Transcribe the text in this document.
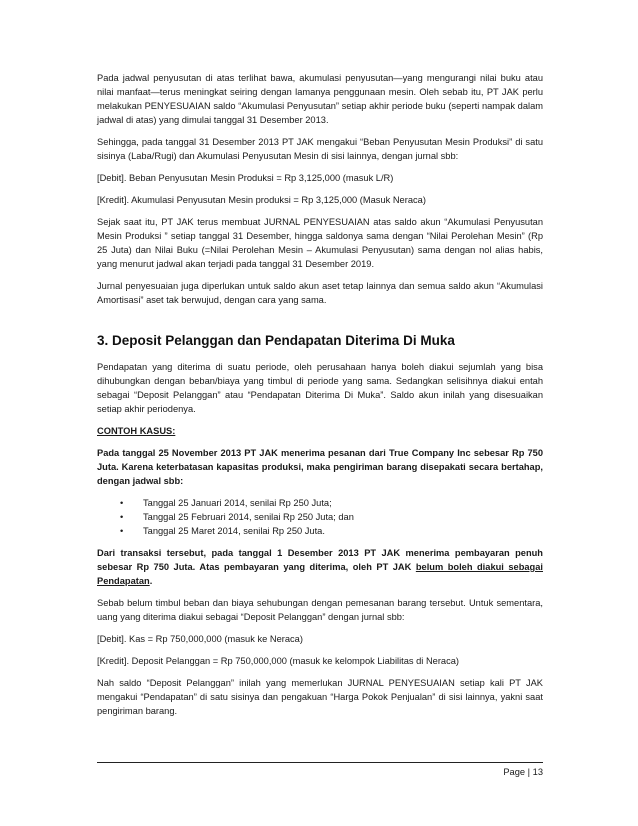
Pada jadwal penyusutan di atas terlihat bawa, akumulasi penyusutan—yang mengurangi nilai buku atau nilai manfaat—terus meningkat seiring dengan lamanya penggunaan mesin. Oleh sebab itu, PT JAK perlu melakukan PENYESUAIAN saldo “Akumulasi Penyusutan” setiap akhir periode buku (seperti nampak dalam jadwal di atas) yang dimulai tanggal 31 Desember 2013.

Sehingga, pada tanggal 31 Desember 2013 PT JAK mengakui “Beban Penyusutan Mesin Produksi” di satu sisinya (Laba/Rugi) dan Akumulasi Penyusutan Mesin di sisi lainnya, dengan jurnal sbb:

[Debit]. Beban Penyusutan Mesin Produksi = Rp 3,125,000 (masuk L/R)

[Kredit]. Akumulasi Penyusutan Mesin produksi = Rp 3,125,000 (Masuk Neraca)

Sejak saat itu, PT JAK terus membuat JURNAL PENYESUAIAN atas saldo akun “Akumulasi Penyusutan Mesin Produksi ” setiap tanggal 31 Desember, hingga saldonya sama dengan “Nilai Perolehan Mesin” (Rp 25 Juta) dan Nilai Buku (=Nilai Perolehan Mesin – Akumulasi Penyusutan) sama dengan nol alias habis, yang menurut jadwal akan terjadi pada tanggal 31 Desember 2019.

Jurnal penyesuaian juga diperlukan untuk saldo akun aset tetap lainnya dan semua saldo akun “Akumulasi Amortisasi” aset tak berwujud, dengan cara yang sama.

3. Deposit Pelanggan dan Pendapatan Diterima Di Muka

Pendapatan yang diterima di suatu periode, oleh perusahaan hanya boleh diakui sejumlah yang bisa dihubungkan dengan beban/biaya yang timbul di periode yang sama. Sedangkan selisihnya diakui entah sebagai “Deposit Pelanggan” atau “Pendapatan Diterima Di Muka”. Saldo akun inilah yang disesuaikan setiap akhir periodenya.

CONTOH KASUS:

Pada tanggal 25 November 2013 PT JAK menerima pesanan dari True Company Inc sebesar Rp 750 Juta. Karena keterbatasan kapasitas produksi, maka pengiriman barang disepakati secara bertahap, dengan jadwal sbb:

• Tanggal 25 Januari 2014, senilai Rp 250 Juta;
• Tanggal 25 Februari 2014, senilai Rp 250 Juta; dan
• Tanggal 25 Maret 2014, senilai Rp 250 Juta.

Dari transaksi tersebut, pada tanggal 1 Desember 2013 PT JAK menerima pembayaran penuh sebesar Rp 750 Juta. Atas pembayaran yang diterima, oleh PT JAK belum boleh diakui sebagai Pendapatan.

Sebab belum timbul beban dan biaya sehubungan dengan pemesanan barang tersebut. Untuk sementara, uang yang diterima diakui sebagai “Deposit Pelanggan” dengan jurnal sbb:

[Debit]. Kas = Rp 750,000,000 (masuk ke Neraca)

[Kredit]. Deposit Pelanggan = Rp 750,000,000 (masuk ke kelompok Liabilitas di Neraca)

Nah saldo “Deposit Pelanggan” inilah yang memerlukan JURNAL PENYESUAIAN setiap kali PT JAK mengakui “Pendapatan” di satu sisinya dan pengakuan “Harga Pokok Penjualan” di sisi lainnya, yakni saat pengiriman barang.

Page | 13
